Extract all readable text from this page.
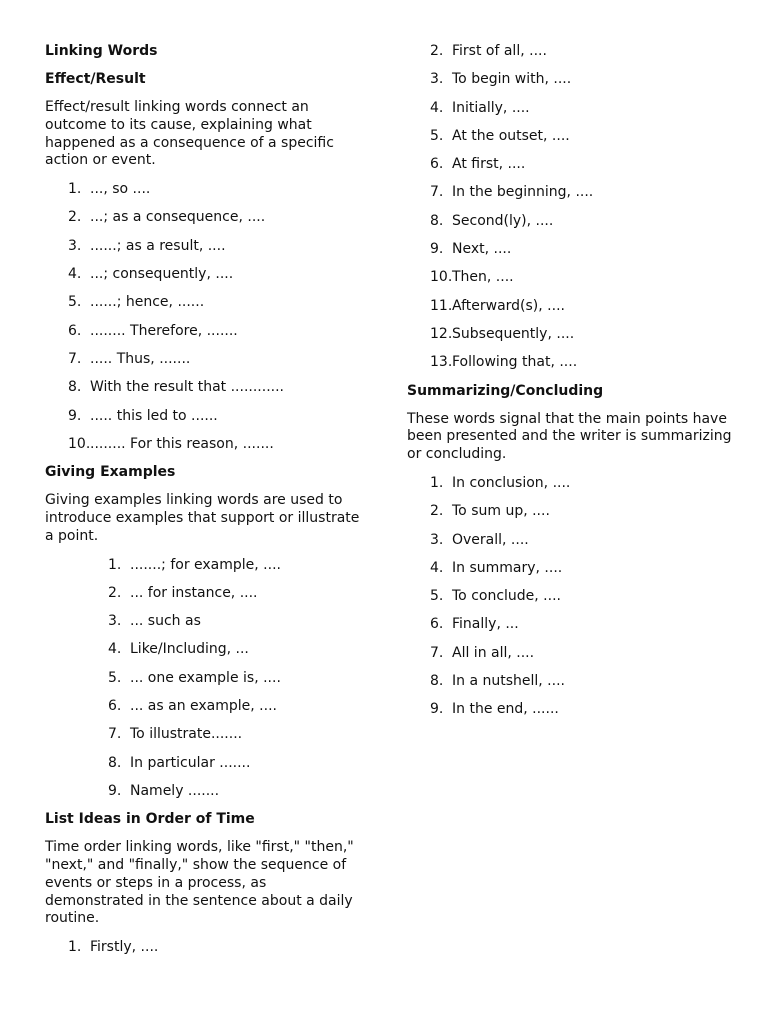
Linking Words
Effect/Result
Effect/result linking words connect an outcome to its cause, explaining what happened as a consequence of a specific action or event.
1. ..., so ....
2. ...; as a consequence, ....
3. ......; as a result, ....
4. ...; consequently, ....
5. ......; hence, ......
6. ........ Therefore, .......
7. ..... Thus, .......
8. With the result that ............
9. ..... this led to ......
10. ........ For this reason, .......
Giving Examples
Giving examples linking words are used to introduce examples that support or illustrate a point.
1. .......; for example, ....
2. ... for instance, ....
3. ... such as
4. Like/Including, ...
5. ... one example is, ....
6. ... as an example, ....
7. To illustrate.......
8. In particular .......
9. Namely .......
List Ideas in Order of Time
Time order linking words, like "first," "then," "next," and "finally," show the sequence of events or steps in a process, as demonstrated in the sentence about a daily routine.
1. Firstly, ....
2. First of all, ....
3. To begin with, ....
4. Initially, ....
5. At the outset, ....
6. At first, ....
7. In the beginning, ....
8. Second(ly), ....
9. Next, ....
10. Then, ....
11. Afterward(s), ....
12. Subsequently, ....
13. Following that, ....
Summarizing/Concluding
These words signal that the main points have been presented and the writer is summarizing or concluding.
1. In conclusion, ....
2. To sum up, ....
3. Overall, ....
4. In summary, ....
5. To conclude, ....
6. Finally, ...
7. All in all, ....
8. In a nutshell, ....
9. In the end, ......
